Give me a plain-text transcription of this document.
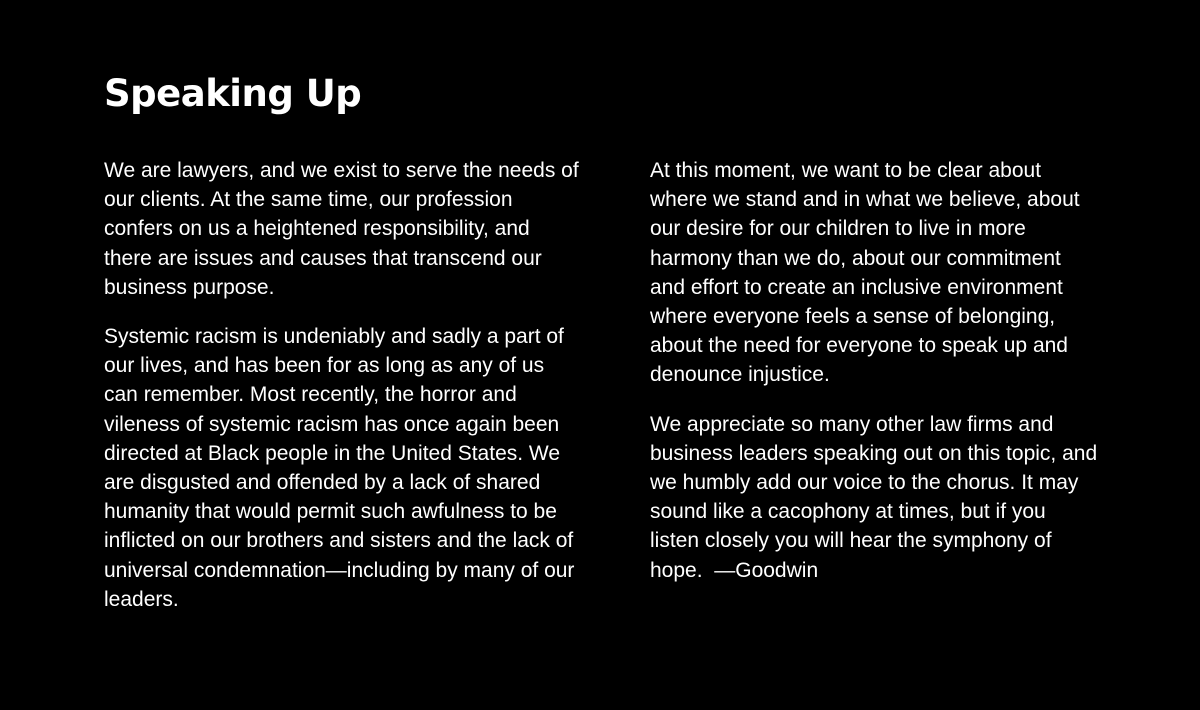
Speaking Up

We are lawyers, and we exist to serve the needs of our clients. At the same time, our profession confers on us a heightened responsibility, and there are issues and causes that transcend our business purpose.

Systemic racism is undeniably and sadly a part of our lives, and has been for as long as any of us can remember. Most recently, the horror and vileness of systemic racism has once again been directed at Black people in the United States. We are disgusted and offended by a lack of shared humanity that would permit such awfulness to be inflicted on our brothers and sisters and the lack of universal condemnation—including by many of our leaders.

At this moment, we want to be clear about where we stand and in what we believe, about our desire for our children to live in more harmony than we do, about our commitment and effort to create an inclusive environment where everyone feels a sense of belonging, about the need for everyone to speak up and denounce injustice.

We appreciate so many other law firms and business leaders speaking out on this topic, and we humbly add our voice to the chorus. It may sound like a cacophony at times, but if you listen closely you will hear the symphony of hope. —Goodwin
